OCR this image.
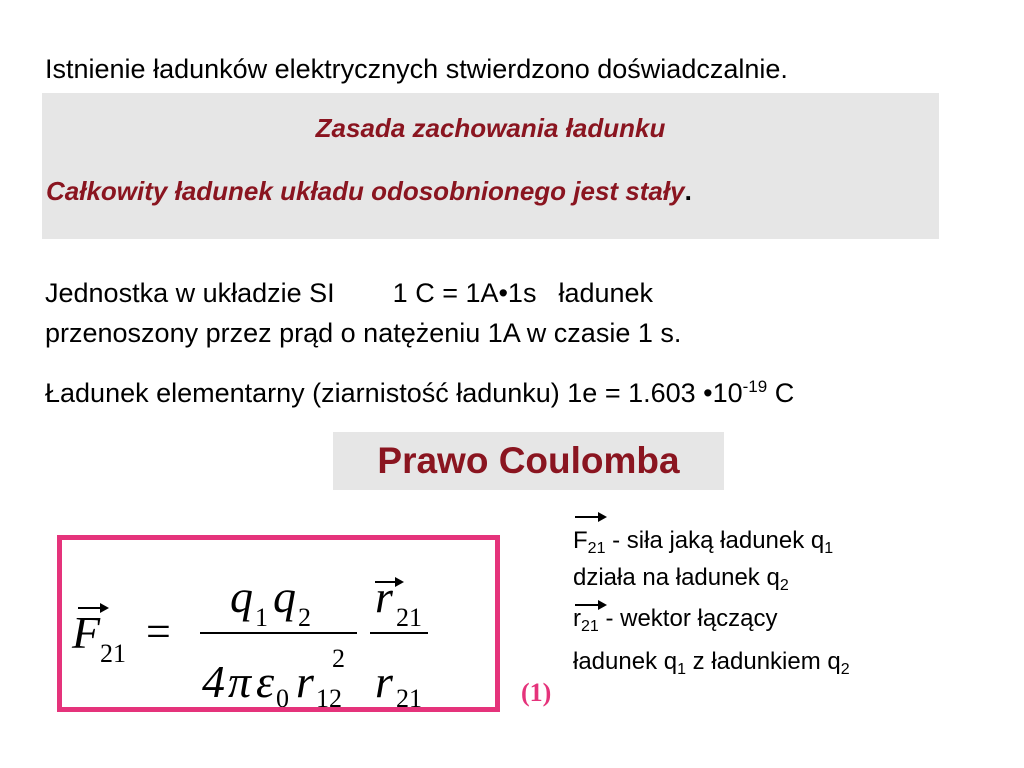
Istnienie ładunków elektrycznych stwierdzono doświadczalnie.
Zasada zachowania ładunku
Całkowity ładunek układu odosobnionego jest stały.
Jednostka w układzie SI 1 C = 1A•1s ładunek
przenoszony przez prąd o natężeniu 1A w czasie 1 s.
Ładunek elementarny (ziarnistość ładunku) 1e = 1.603 $•10^{-19}$ C
Prawo Coulomba
F 21 =
q 1 q 2
4 π ε 0 r 12
2
r 21
r 21	(1)
$F_{21}$ - siła jaką ładunek $q_1$
działa na ładunek $q_2$
$r_{21}$ - wektor łączący
ładunek $q_1$ z ładunkiem $q_2$
